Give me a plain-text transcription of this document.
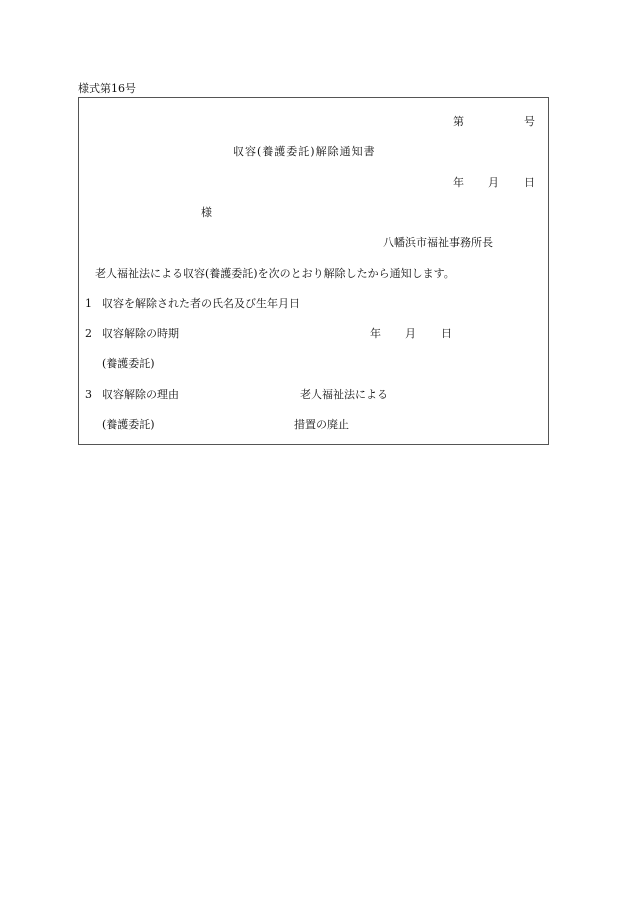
様式第16号
第	号
収容(養護委託)解除通知書
年 月 日
様
八幡浜市福祉事務所長
老人福祉法による収容(養護委託)を次のとおり解除したから通知します。
1 収容を解除された者の氏名及び生年月日
2 収容解除の時期	年 月 日
(養護委託)
3 収容解除の理由	老人福祉法による
(養護委託)	措置の廃止
